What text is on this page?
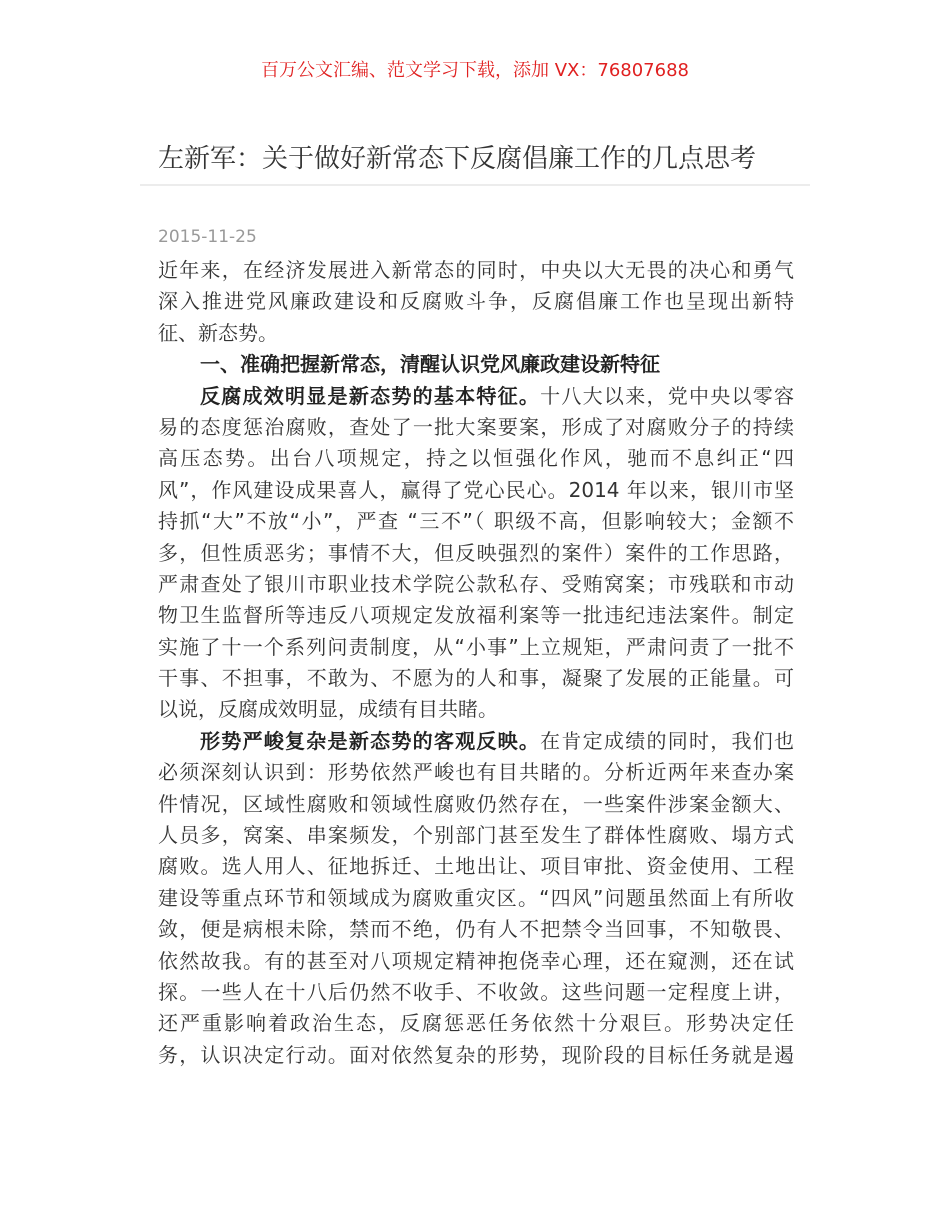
百万公文汇编、范文学习下载，添加 VX：76807688
左新军：关于做好新常态下反腐倡廉工作的几点思考
2015-11-25
近年来，在经济发展进入新常态的同时，中央以大无畏的决心和勇气
深入推进党风廉政建设和反腐败斗争，反腐倡廉工作也呈现出新特
征、新态势。
一、准确把握新常态，清醒认识党风廉政建设新特征
反腐成效明显是新态势的基本特征。十八大以来，党中央以零容
易的态度惩治腐败，查处了一批大案要案，形成了对腐败分子的持续
高压态势。出台八项规定，持之以恒强化作风，驰而不息纠正“四
风”，作风建设成果喜人，赢得了党心民心。2014 年以来，银川市坚
持抓“大”不放“小”，严查 “三不”（ 职级不高，但影响较大；金额不
多，但性质恶劣；事情不大，但反映强烈的案件）案件的工作思路，
严肃查处了银川市职业技术学院公款私存、受贿窝案；市残联和市动
物卫生监督所等违反八项规定发放福利案等一批违纪违法案件。制定
实施了十一个系列问责制度，从“小事”上立规矩，严肃问责了一批不
干事、不担事，不敢为、不愿为的人和事，凝聚了发展的正能量。可
以说，反腐成效明显，成绩有目共睹。
形势严峻复杂是新态势的客观反映。在肯定成绩的同时，我们也
必须深刻认识到：形势依然严峻也有目共睹的。分析近两年来查办案
件情况，区域性腐败和领域性腐败仍然存在，一些案件涉案金额大、
人员多，窝案、串案频发，个别部门甚至发生了群体性腐败、塌方式
腐败。选人用人、征地拆迁、土地出让、项目审批、资金使用、工程
建设等重点环节和领域成为腐败重灾区。“四风”问题虽然面上有所收
敛，便是病根未除，禁而不绝，仍有人不把禁令当回事，不知敬畏、
依然故我。有的甚至对八项规定精神抱侥幸心理，还在窥测，还在试
探。一些人在十八后仍然不收手、不收敛。这些问题一定程度上讲，
还严重影响着政治生态，反腐惩恶任务依然十分艰巨。形势决定任
务，认识决定行动。面对依然复杂的形势，现阶段的目标任务就是遏
